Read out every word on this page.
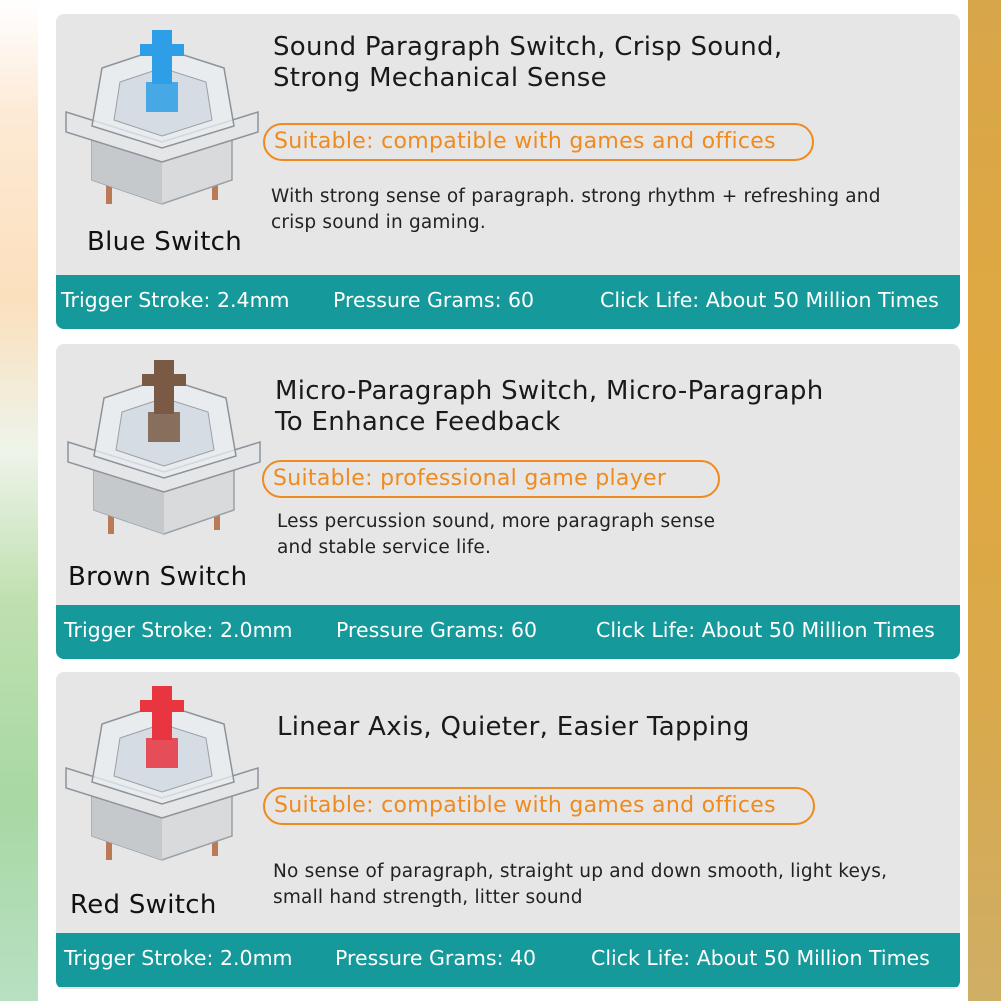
Blue Switch
Sound Paragraph Switch, Crisp Sound,
Strong Mechanical Sense
Suitable: compatible with games and offices
With strong sense of paragraph. strong rhythm + refreshing and
crisp sound in gaming.
Trigger Stroke: 2.4mm Pressure Grams: 60	Click Life: About 50 Million Times
Brown Switch
Micro-Paragraph Switch, Micro-Paragraph
To Enhance Feedback
Suitable: professional game player
Less percussion sound, more paragraph sense
and stable service life.
Trigger Stroke: 2.0mm Pressure Grams: 60	Click Life: About 50 Million Times
Red Switch
Linear Axis, Quieter, Easier Tapping
Suitable: compatible with games and offices
No sense of paragraph, straight up and down smooth, light keys,
small hand strength, litter sound
Trigger Stroke: 2.0mm Pressure Grams: 40	Click Life: About 50 Million Times
